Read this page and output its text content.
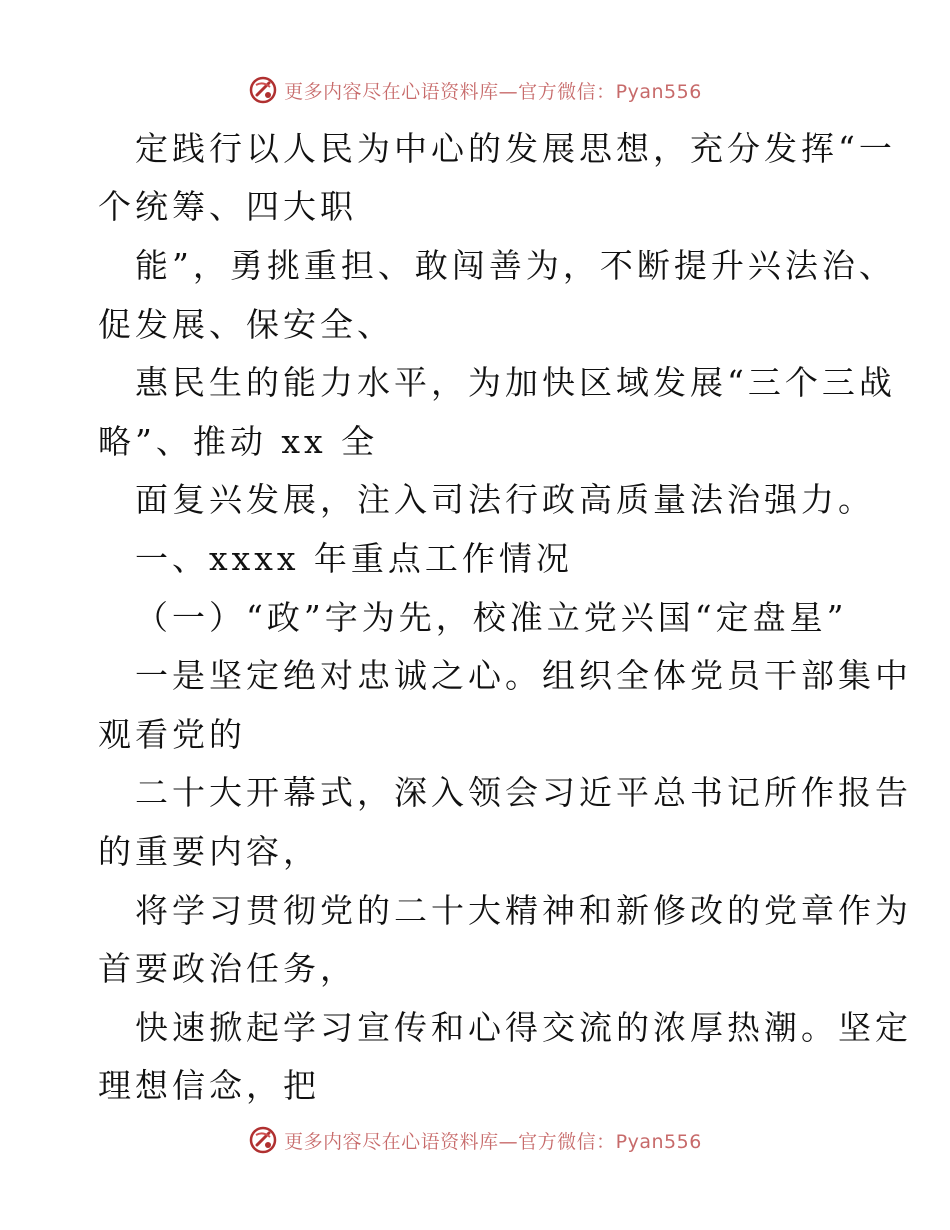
更多内容尽在心语资料库—官方微信：Pyan556
定践行以人民为中心的发展思想，充分发挥“一
个统筹、四大职
能”，勇挑重担、敢闯善为，不断提升兴法治、
促发展、保安全、
惠民生的能力水平，为加快区域发展“三个三战
略”、推动 xx 全
面复兴发展，注入司法行政高质量法治强力。
一、xxxx 年重点工作情况
（一）“政”字为先，校准立党兴国“定盘星”
一是坚定绝对忠诚之心。组织全体党员干部集中
观看党的
二十大开幕式，深入领会习近平总书记所作报告
的重要内容，
将学习贯彻党的二十大精神和新修改的党章作为
首要政治任务，
快速掀起学习宣传和心得交流的浓厚热潮。坚定
理想信念，把
更多内容尽在心语资料库—官方微信：Pyan556
